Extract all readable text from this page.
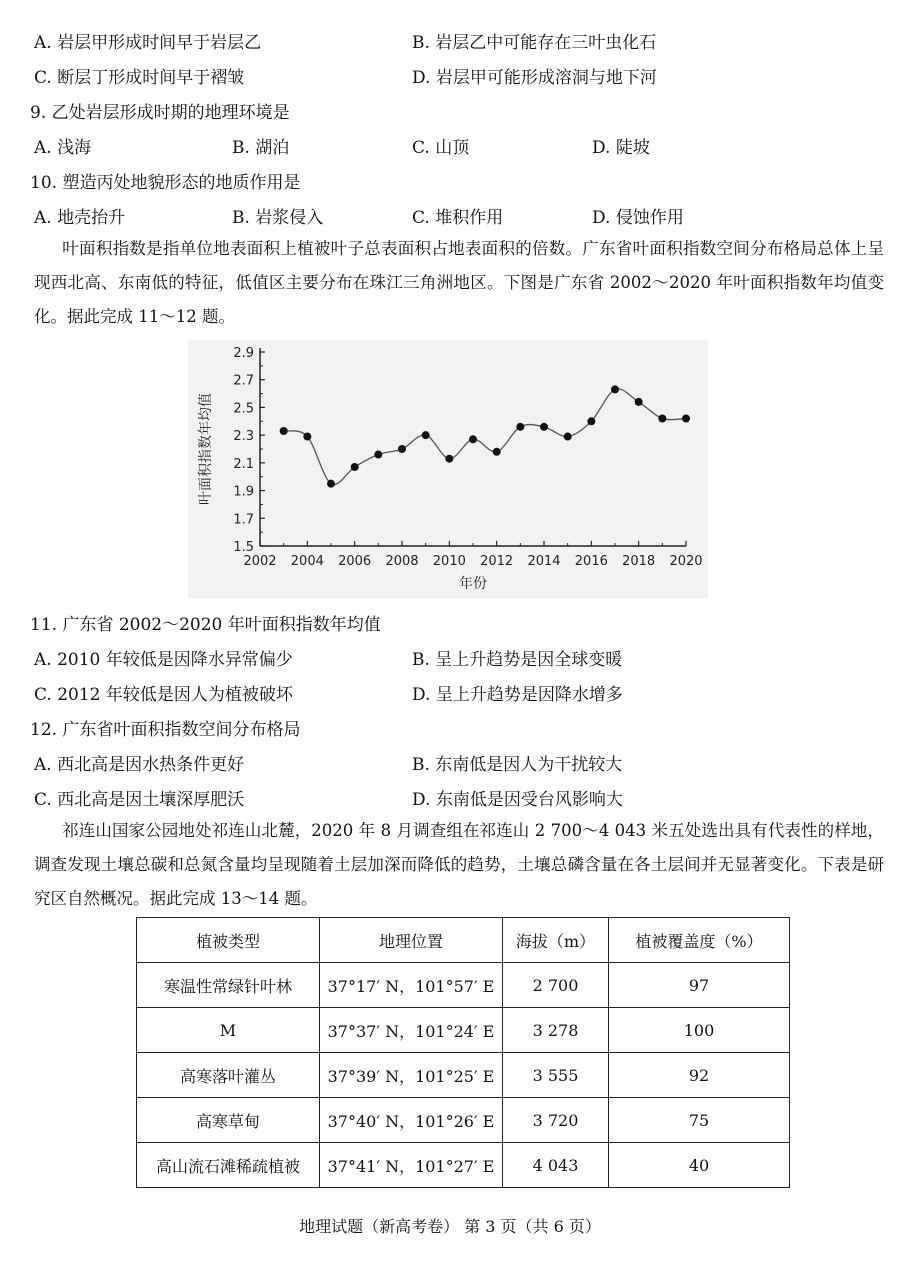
A. 岩层甲形成时间早于岩层乙	B. 岩层乙中可能存在三叶虫化石
C. 断层丁形成时间早于褶皱	D. 岩层甲可能形成溶洞与地下河
9. 乙处岩层形成时期的地理环境是
A. 浅海	B. 湖泊	C. 山顶	D. 陡坡
10. 塑造丙处地貌形态的地质作用是
A. 地壳抬升	B. 岩浆侵入	C. 堆积作用	D. 侵蚀作用
叶面积指数是指单位地表面积上植被叶子总表面积占地表面积的倍数。广东省叶面积指数空间分布格局总体上呈现西北高、东南低的特征，低值区主要分布在珠江三角洲地区。下图是广东省 2002～2020 年叶面积指数年均值变化。据此完成 11～12 题。
1.5
1.7
1.9
2.1
2.3
2.5
2.7
2.9
2002 2004 2006 2008 2010 2012 2014 2016 2018 2020
年份
叶面积指数年均值
11. 广东省 2002～2020 年叶面积指数年均值
A. 2010 年较低是因降水异常偏少	B. 呈上升趋势是因全球变暖
C. 2012 年较低是因人为植被破坏	D. 呈上升趋势是因降水增多
12. 广东省叶面积指数空间分布格局
A. 西北高是因水热条件更好	B. 东南低是因人为干扰较大
C. 西北高是因土壤深厚肥沃	D. 东南低是因受台风影响大
祁连山国家公园地处祁连山北麓，2020 年 8 月调查组在祁连山 2 700～4 043 米五处选出具有代表性的样地，调查发现土壤总碳和总氮含量均呈现随着土层加深而降低的趋势，土壤总磷含量在各土层间并无显著变化。下表是研究区自然概况。据此完成 13～14 题。
植被类型	地理位置	海拔（m）	植被覆盖度（%）
寒温性常绿针叶林	37°17′ N，101°57′ E	2 700	97
M	37°37′ N，101°24′ E	3 278	100
高寒落叶灌丛	37°39′ N，101°25′ E	3 555	92
高寒草甸	37°40′ N，101°26′ E	3 720	75
高山流石滩稀疏植被	37°41′ N，101°27′ E	4 043	40
地理试题（新高考卷） 第 3 页（共 6 页）
